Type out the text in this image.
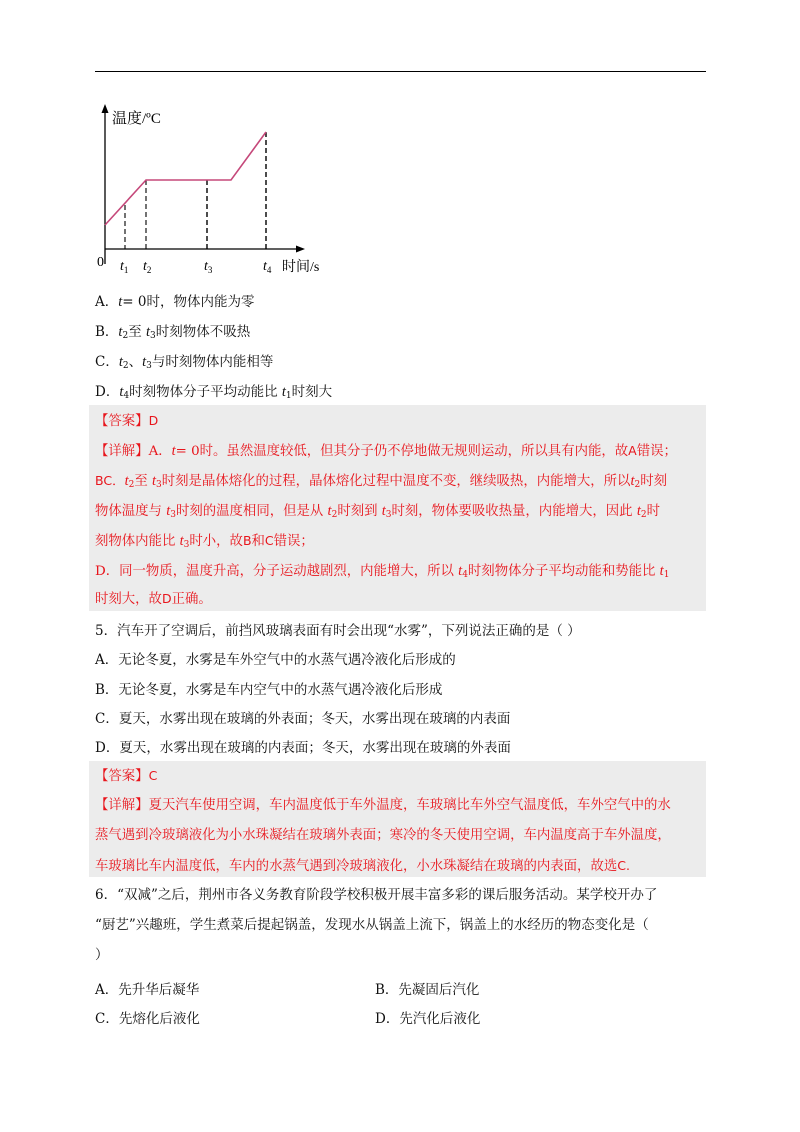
温度/ºC
时间/s
0 $t_1$ $t_2$	$t_3$	$t_4$
A．t= 0时，物体内能为零
B．$t_2$至 $t_3$时刻物体不吸热
C．$t_2$、$t_3$与时刻物体内能相等
D．$t_4$时刻物体分子平均动能比 $t_1$时刻大
【答案】D
【详解】A．t= 0时。虽然温度较低，但其分子仍不停地做无规则运动，所以具有内能，故A错误；
BC．$t_2$至 $t_3$时刻是晶体熔化的过程，晶体熔化过程中温度不变，继续吸热，内能增大，所以$t_2$时刻
物体温度与 $t_3$时刻的温度相同，但是从 $t_2$时刻到 $t_3$时刻，物体要吸收热量，内能增大，因此 $t_2$时
刻物体内能比 $t_3$时小，故B和C错误；
D．同一物质，温度升高，分子运动越剧烈，内能增大，所以 $t_4$时刻物体分子平均动能和势能比 $t_1$
时刻大，故D正确。
5．汽车开了空调后，前挡风玻璃表面有时会出现“水雾”，下列说法正确的是（ ）
A．无论冬夏，水雾是车外空气中的水蒸气遇冷液化后形成的
B．无论冬夏，水雾是车内空气中的水蒸气遇冷液化后形成
C．夏天，水雾出现在玻璃的外表面；冬天，水雾出现在玻璃的内表面
D．夏天，水雾出现在玻璃的内表面；冬天，水雾出现在玻璃的外表面
【答案】C
【详解】夏天汽车使用空调，车内温度低于车外温度，车玻璃比车外空气温度低，车外空气中的水
蒸气遇到冷玻璃液化为小水珠凝结在玻璃外表面；寒冷的冬天使用空调，车内温度高于车外温度，
车玻璃比车内温度低，车内的水蒸气遇到冷玻璃液化，小水珠凝结在玻璃的内表面，故选C.
6．“双减”之后，荆州市各义务教育阶段学校积极开展丰富多彩的课后服务活动。某学校开办了
“厨艺”兴趣班，学生煮菜后提起锅盖，发现水从锅盖上流下，锅盖上的水经历的物态变化是（
）
A．先升华后凝华	B．先凝固后汽化
C．先熔化后液化	D．先汽化后液化
